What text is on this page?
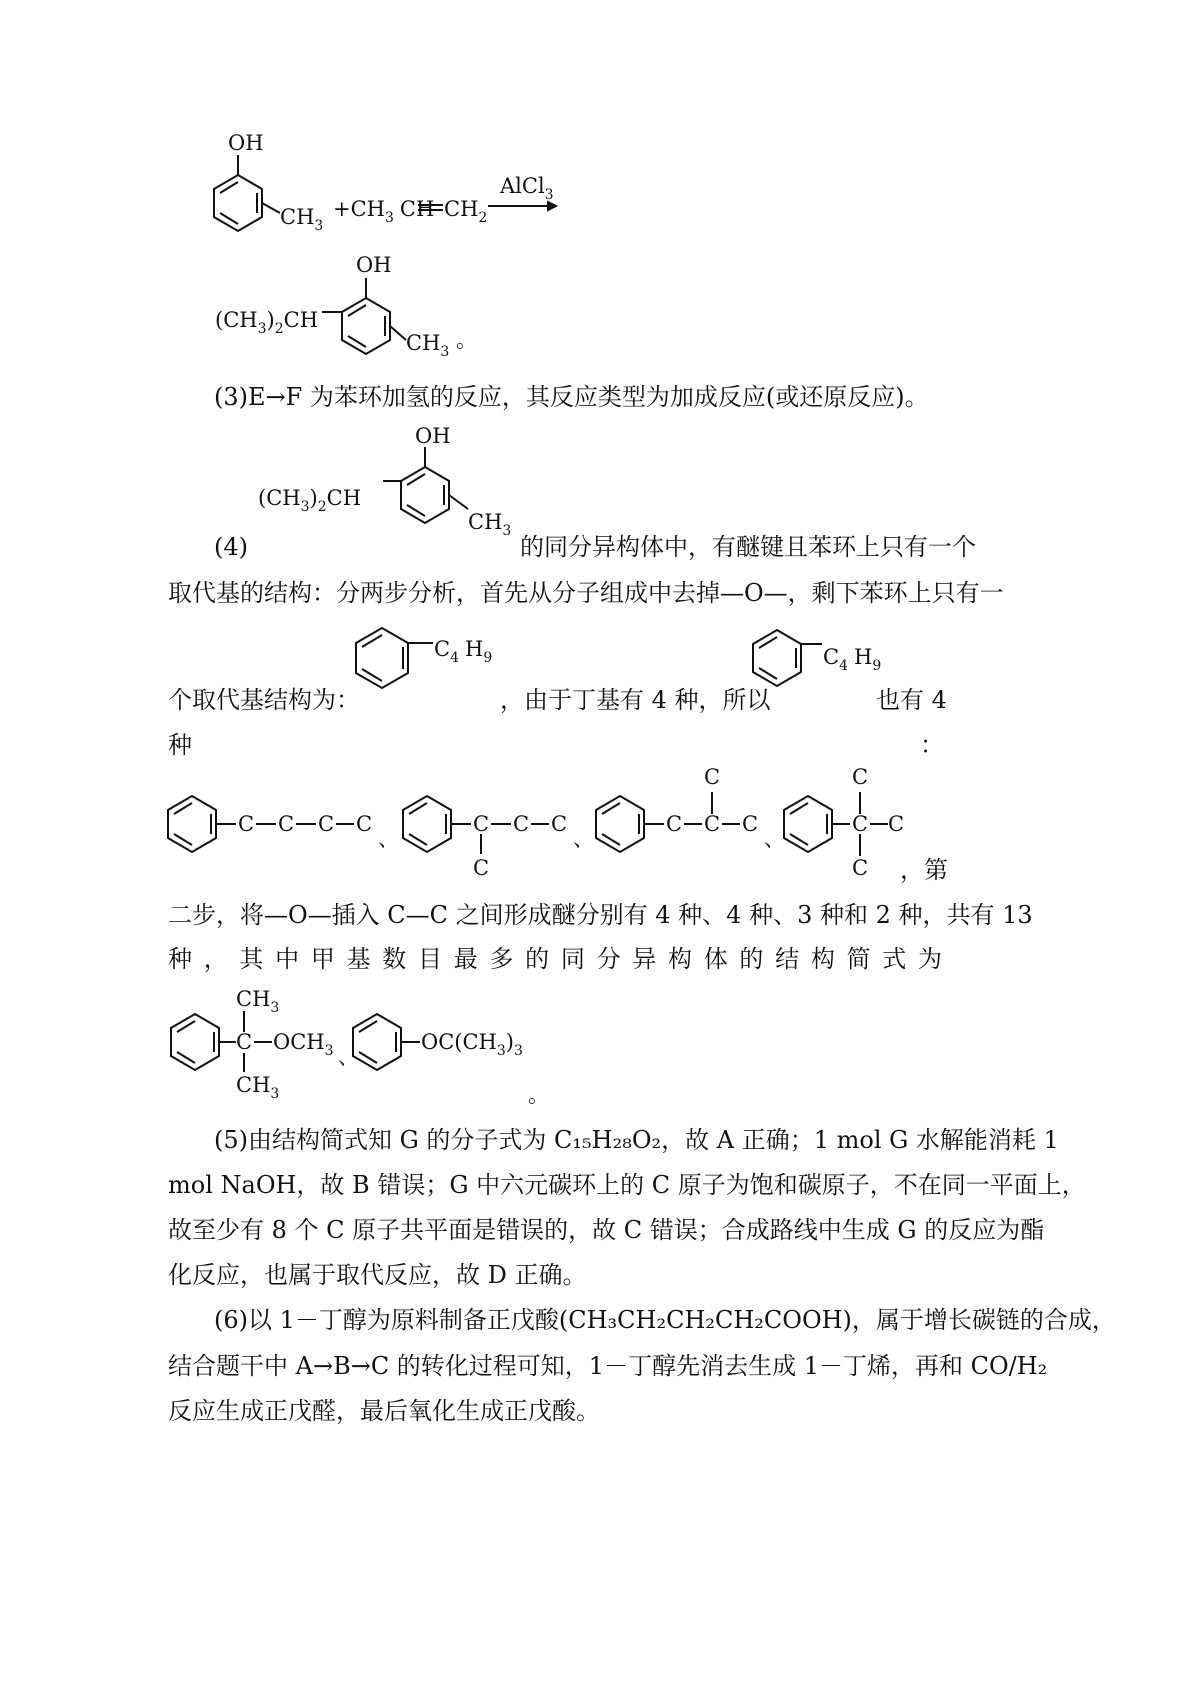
OH
$CH_3$
$+CH_3$ CH $CH_2$
AlCl$_3$
OH
$(CH_3)_2CH$
$CH_3$ 。
(3)E→F 为苯环加氢的反应，其反应类型为加成反应(或还原反应)。
OH
$(CH_3)_2CH$
$CH_3$
(4)	的同分异构体中，有醚键且苯环上只有一个
取代基的结构：分两步分析，首先从分子组成中去掉—O—，剩下苯环上只有一
$C_4$ $H_9$	$C_4$ $H_9$
个取代基结构为：	，由于丁基有 4 种，所以	也有 4
种	：
C C C C
、
C
C
C C
、
C C
C
C
、
C
C
C
C
，第
二步，将—O—插入 C—C 之间形成醚分别有 4 种、4 种、3 种和 2 种，共有 13
种，其中甲基数目最多的同分异构体的结构简式为
C
$CH_3$
$CH_3$
$OCH_3$ 、
$OC(CH_3)_3$
。
(5)由结构简式知 G 的分子式为 C₁₅H₂₈O₂，故 A 正确；1 mol G 水解能消耗 1
mol NaOH，故 B 错误；G 中六元碳环上的 C 原子为饱和碳原子，不在同一平面上，
故至少有 8 个 C 原子共平面是错误的，故 C 错误；合成路线中生成 G 的反应为酯
化反应，也属于取代反应，故 D 正确。
(6)以 1－丁醇为原料制备正戊酸(CH₃CH₂CH₂CH₂COOH)，属于增长碳链的合成，
结合题干中 A→B→C 的转化过程可知，1－丁醇先消去生成 1－丁烯，再和 CO/H₂
反应生成正戊醛，最后氧化生成正戊酸。
